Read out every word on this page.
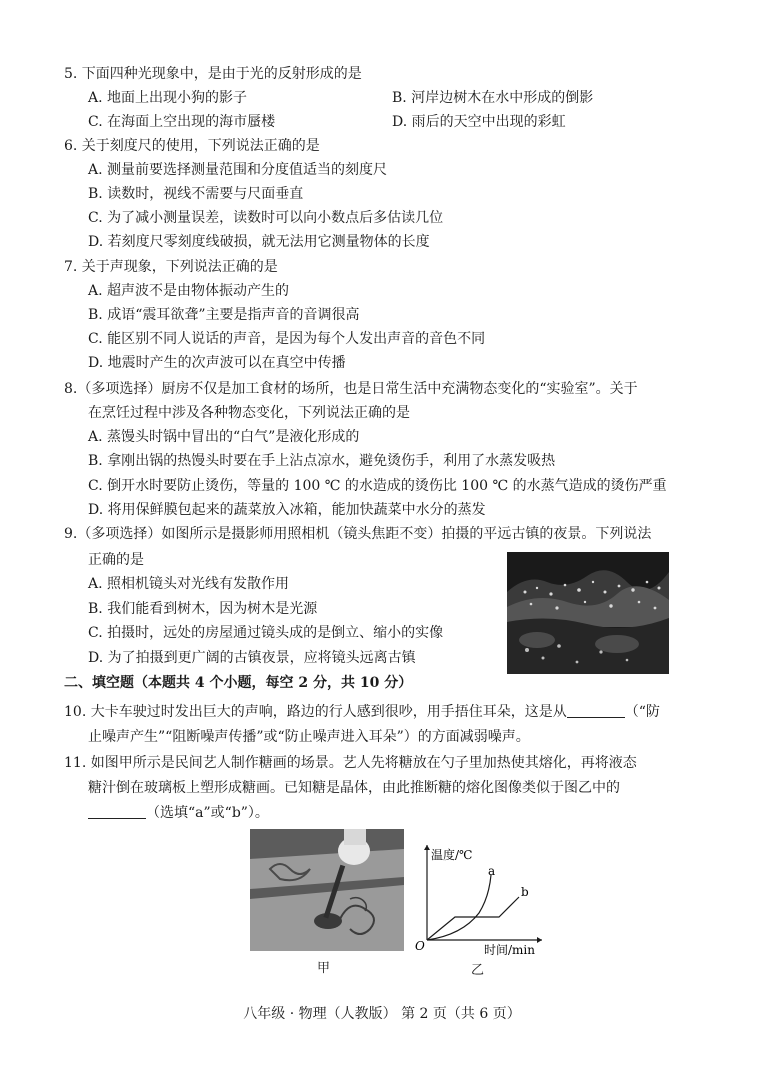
5. 下面四种光现象中，是由于光的反射形成的是
A. 地面上出现小狗的影子	B. 河岸边树木在水中形成的倒影
C. 在海面上空出现的海市蜃楼	D. 雨后的天空中出现的彩虹
6. 关于刻度尺的使用，下列说法正确的是
A. 测量前要选择测量范围和分度值适当的刻度尺
B. 读数时，视线不需要与尺面垂直
C. 为了减小测量误差，读数时可以向小数点后多估读几位
D. 若刻度尺零刻度线破损，就无法用它测量物体的长度
7. 关于声现象，下列说法正确的是
A. 超声波不是由物体振动产生的
B. 成语“震耳欲聋”主要是指声音的音调很高
C. 能区别不同人说话的声音，是因为每个人发出声音的音色不同
D. 地震时产生的次声波可以在真空中传播
8.（多项选择）厨房不仅是加工食材的场所，也是日常生活中充满物态变化的“实验室”。关于
在烹饪过程中涉及各种物态变化，下列说法正确的是
A. 蒸馒头时锅中冒出的“白气”是液化形成的
B. 拿刚出锅的热馒头时要在手上沾点凉水，避免烫伤手，利用了水蒸发吸热
C. 倒开水时要防止烫伤，等量的 100 ℃ 的水造成的烫伤比 100 ℃ 的水蒸气造成的烫伤严重
D. 将用保鲜膜包起来的蔬菜放入冰箱，能加快蔬菜中水分的蒸发
9.（多项选择）如图所示是摄影师用照相机（镜头焦距不变）拍摄的平远古镇的夜景。下列说法
正确的是
A. 照相机镜头对光线有发散作用
B. 我们能看到树木，因为树木是光源
C. 拍摄时，远处的房屋通过镜头成的是倒立、缩小的实像
D. 为了拍摄到更广阔的古镇夜景，应将镜头远离古镇
二、填空题（本题共 4 个小题，每空 2 分，共 10 分）
10. 大卡车驶过时发出巨大的声响，路边的行人感到很吵，用手捂住耳朵，这是从	（“防
止噪声产生”“阻断噪声传播”或“防止噪声进入耳朵”）的方面减弱噪声。
11. 如图甲所示是民间艺人制作糖画的场景。艺人先将糖放在勺子里加热使其熔化，再将液态
糖汁倒在玻璃板上塑形成糖画。已知糖是晶体，由此推断糖的熔化图像类似于图乙中的
（选填“a”或“b”）。
温度/℃
时间/min
O
a
b
甲	乙
八年级 · 物理（人教版） 第 2 页（共 6 页）
